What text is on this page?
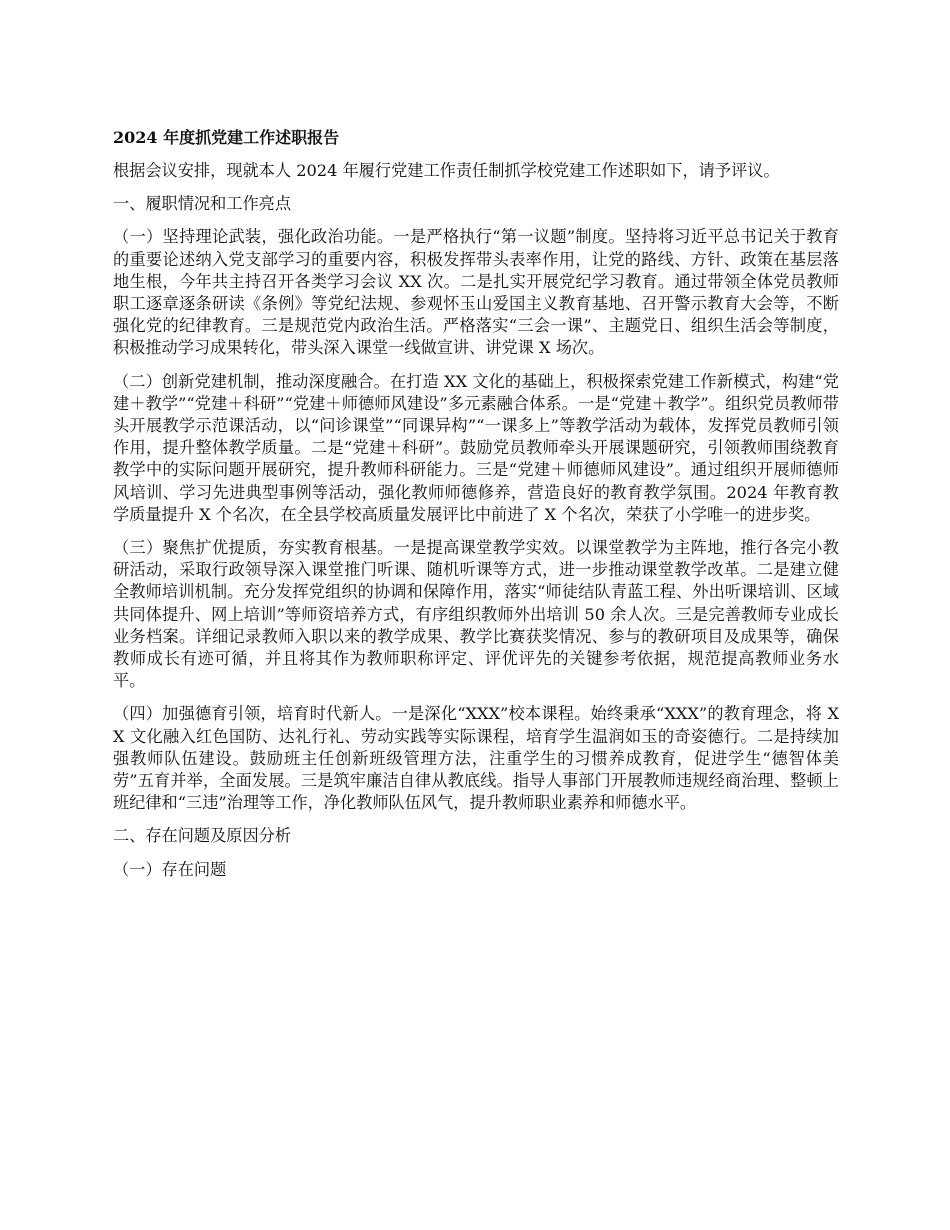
2024 年度抓党建工作述职报告

根据会议安排，现就本人 2024 年履行党建工作责任制抓学校党建工作述职如下，请予评议。

一、履职情况和工作亮点

（一）坚持理论武装，强化政治功能。一是严格执行“第一议题”制度。坚持将习近平总书记关于教育的重要论述纳入党支部学习的重要内容，积极发挥带头表率作用，让党的路线、方针、政策在基层落地生根，今年共主持召开各类学习会议 XX 次。二是扎实开展党纪学习教育。通过带领全体党员教师职工逐章逐条研读《条例》等党纪法规、参观怀玉山爱国主义教育基地、召开警示教育大会等，不断强化党的纪律教育。三是规范党内政治生活。严格落实“三会一课”、主题党日、组织生活会等制度，积极推动学习成果转化，带头深入课堂一线做宣讲、讲党课 X 场次。

（二）创新党建机制，推动深度融合。在打造 XX 文化的基础上，积极探索党建工作新模式，构建“党建＋教学”“党建＋科研”“党建＋师德师风建设”多元素融合体系。一是“党建＋教学”。组织党员教师带头开展教学示范课活动，以“问诊课堂”“同课异构”“一课多上”等教学活动为载体，发挥党员教师引领作用，提升整体教学质量。二是“党建＋科研”。鼓励党员教师牵头开展课题研究，引领教师围绕教育教学中的实际问题开展研究，提升教师科研能力。三是“党建＋师德师风建设”。通过组织开展师德师风培训、学习先进典型事例等活动，强化教师师德修养，营造良好的教育教学氛围。2024 年教育教学质量提升 X 个名次，在全县学校高质量发展评比中前进了 X 个名次，荣获了小学唯一的进步奖。

（三）聚焦扩优提质，夯实教育根基。一是提高课堂教学实效。以课堂教学为主阵地，推行各完小教研活动，采取行政领导深入课堂推门听课、随机听课等方式，进一步推动课堂教学改革。二是建立健全教师培训机制。充分发挥党组织的协调和保障作用，落实“师徒结队青蓝工程、外出听课培训、区域共同体提升、网上培训”等师资培养方式，有序组织教师外出培训 50 余人次。三是完善教师专业成长业务档案。详细记录教师入职以来的教学成果、教学比赛获奖情况、参与的教研项目及成果等，确保教师成长有迹可循，并且将其作为教师职称评定、评优评先的关键参考依据，规范提高教师业务水平。

（四）加强德育引领，培育时代新人。一是深化“XXX”校本课程。始终秉承“XXX”的教育理念，将 XX 文化融入红色国防、达礼行礼、劳动实践等实际课程，培育学生温润如玉的奇姿德行。二是持续加强教师队伍建设。鼓励班主任创新班级管理方法，注重学生的习惯养成教育，促进学生“德智体美劳”五育并举，全面发展。三是筑牢廉洁自律从教底线。指导人事部门开展教师违规经商治理、整顿上班纪律和“三违”治理等工作，净化教师队伍风气，提升教师职业素养和师德水平。

二、存在问题及原因分析

（一）存在问题
